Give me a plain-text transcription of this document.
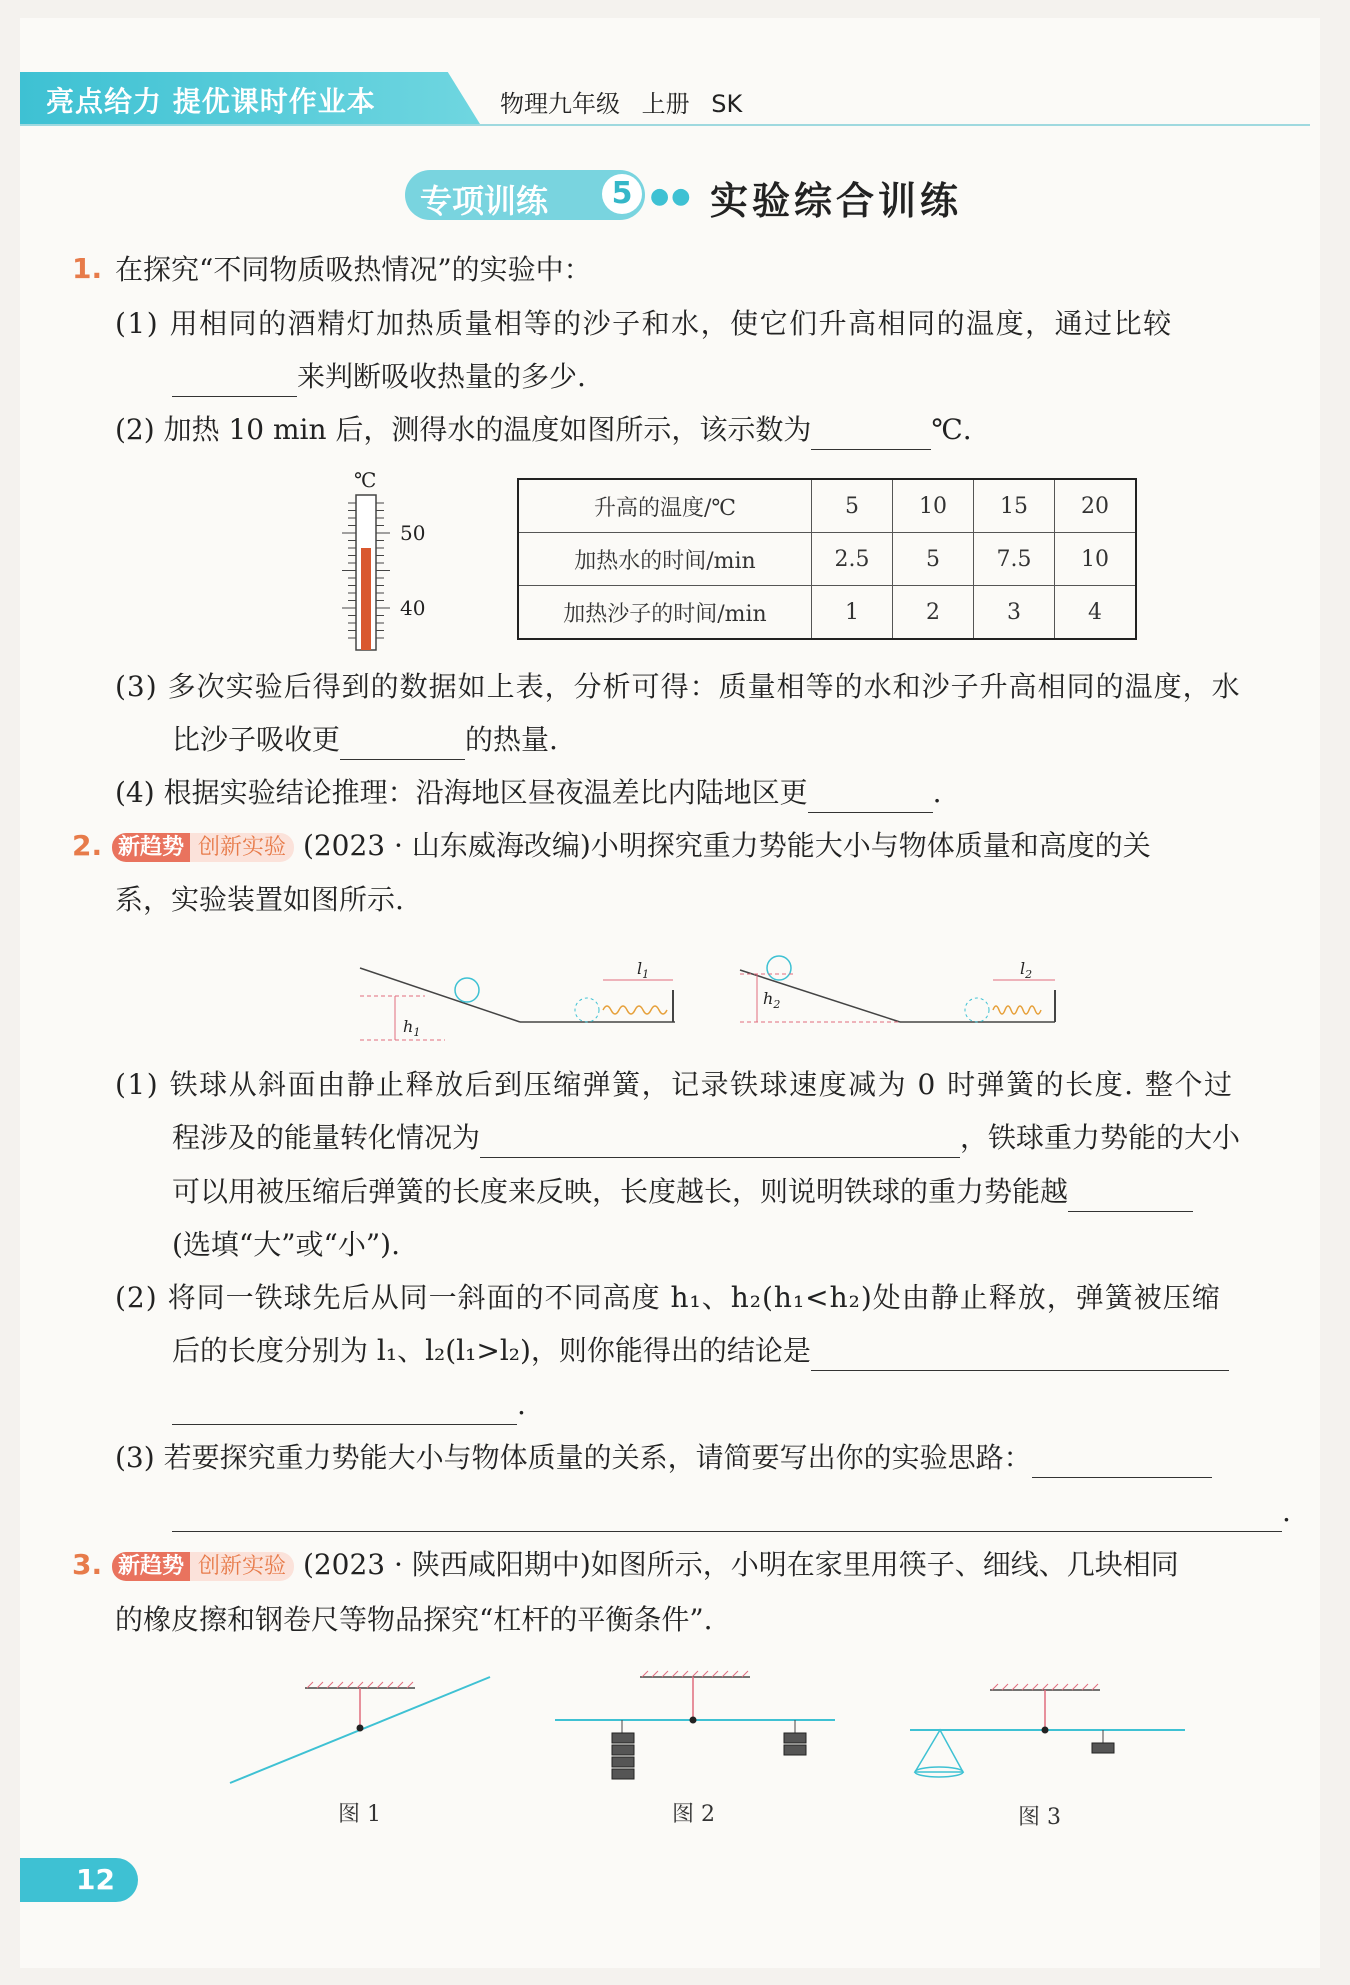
亮点给力 提优课时作业本	物理九年级 上册 SK
专项训练	5 ●● 实验综合训练
1. 在探究“不同物质吸热情况”的实验中：
(1) 用相同的酒精灯加热质量相等的沙子和水，使它们升高相同的温度，通过比较
来判断吸收热量的多少.
(2) 加热 10 min 后，测得水的温度如图所示，该示数为	℃.
℃
50
40
升高的温度/℃	5	10	15	20
加热水的时间/min	2.5	5	7.5	10
加热沙子的时间/min	1	2	3	4
(3) 多次实验后得到的数据如上表，分析可得：质量相等的水和沙子升高相同的温度，水
比沙子吸收更	的热量.
(4) 根据实验结论推理：沿海地区昼夜温差比内陆地区更	.
2. 新趋势 创新实验 (2023 · 山东威海改编)小明探究重力势能大小与物体质量和高度的关
系，实验装置如图所示.
$h_1$
$l_1$
$h_2$
$l_2$
(1) 铁球从斜面由静止释放后到压缩弹簧，记录铁球速度减为 0 时弹簧的长度. 整个过
程涉及的能量转化情况为	，铁球重力势能的大小
可以用被压缩后弹簧的长度来反映，长度越长，则说明铁球的重力势能越
(选填“大”或“小”).
(2) 将同一铁球先后从同一斜面的不同高度 h₁、h₂(h₁<h₂)处由静止释放，弹簧被压缩
后的长度分别为 l₁、l₂(l₁>l₂)，则你能得出的结论是
.
(3) 若要探究重力势能大小与物体质量的关系，请简要写出你的实验思路：
.
3. 新趋势 创新实验 (2023 · 陕西咸阳期中)如图所示，小明在家里用筷子、细线、几块相同
的橡皮擦和钢卷尺等物品探究“杠杆的平衡条件”.
图 1	图 2	图 3
12
